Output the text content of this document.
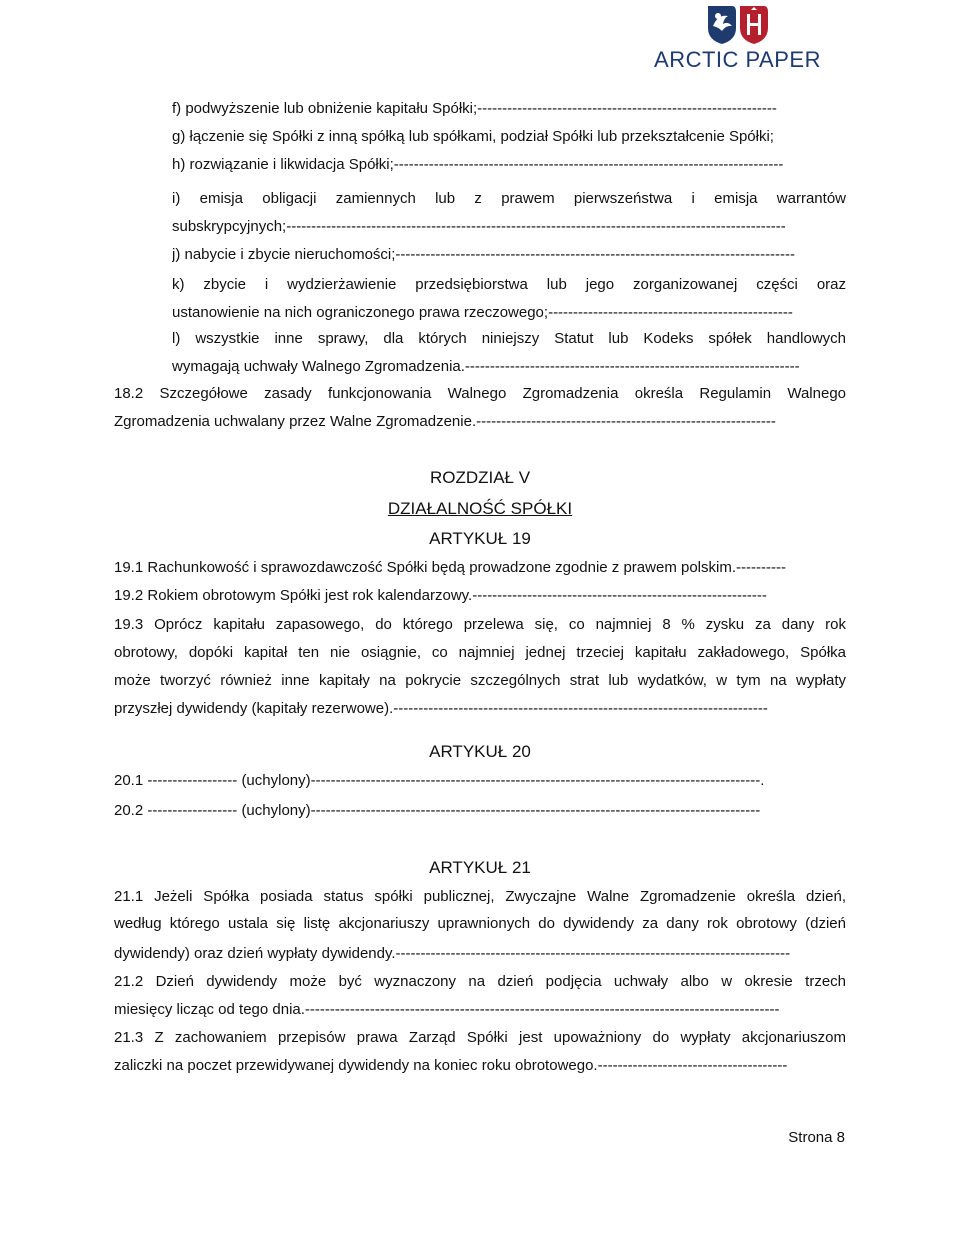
ARCTIC PAPER
f) podwyższenie lub obniżenie kapitału Spółki;------------------------------------------------------------
g) łączenie się Spółki z inną spółką lub spółkami, podział Spółki lub przekształcenie Spółki;
h) rozwiązanie i likwidacja Spółki;------------------------------------------------------------------------------
i) emisja obligacji zamiennych lub z prawem pierwszeństwa i emisja warrantów
subskrypcyjnych;----------------------------------------------------------------------------------------------------
j) nabycie i zbycie nieruchomości;--------------------------------------------------------------------------------
k) zbycie i wydzierżawienie przedsiębiorstwa lub jego zorganizowanej części oraz
ustanowienie na nich ograniczonego prawa rzeczowego;-------------------------------------------------
l) wszystkie inne sprawy, dla których niniejszy Statut lub Kodeks spółek handlowych
wymagają uchwały Walnego Zgromadzenia.-------------------------------------------------------------------
18.2 Szczegółowe zasady funkcjonowania Walnego Zgromadzenia określa Regulamin Walnego
Zgromadzenia uchwalany przez Walne Zgromadzenie.------------------------------------------------------------
ROZDZIAŁ V
DZIAŁALNOŚĆ SPÓŁKI
ARTYKUŁ 19
19.1 Rachunkowość i sprawozdawczość Spółki będą prowadzone zgodnie z prawem polskim.----------
19.2 Rokiem obrotowym Spółki jest rok kalendarzowy.-----------------------------------------------------------
19.3 Oprócz kapitału zapasowego, do którego przelewa się, co najmniej 8 % zysku za dany rok
obrotowy, dopóki kapitał ten nie osiągnie, co najmniej jednej trzeciej kapitału zakładowego, Spółka
może tworzyć również inne kapitały na pokrycie szczególnych strat lub wydatków, w tym na wypłaty
przyszłej dywidendy (kapitały rezerwowe).---------------------------------------------------------------------------
ARTYKUŁ 20
20.1 ------------------ (uchylony)------------------------------------------------------------------------------------------.
20.2 ------------------ (uchylony)------------------------------------------------------------------------------------------
ARTYKUŁ 21
21.1 Jeżeli Spółka posiada status spółki publicznej, Zwyczajne Walne Zgromadzenie określa dzień,
według którego ustala się listę akcjonariuszy uprawnionych do dywidendy za dany rok obrotowy (dzień
dywidendy) oraz dzień wypłaty dywidendy.-------------------------------------------------------------------------------
21.2 Dzień dywidendy może być wyznaczony na dzień podjęcia uchwały albo w okresie trzech
miesięcy licząc od tego dnia.-----------------------------------------------------------------------------------------------
21.3 Z zachowaniem przepisów prawa Zarząd Spółki jest upoważniony do wypłaty akcjonariuszom
zaliczki na poczet przewidywanej dywidendy na koniec roku obrotowego.--------------------------------------
Strona 8
